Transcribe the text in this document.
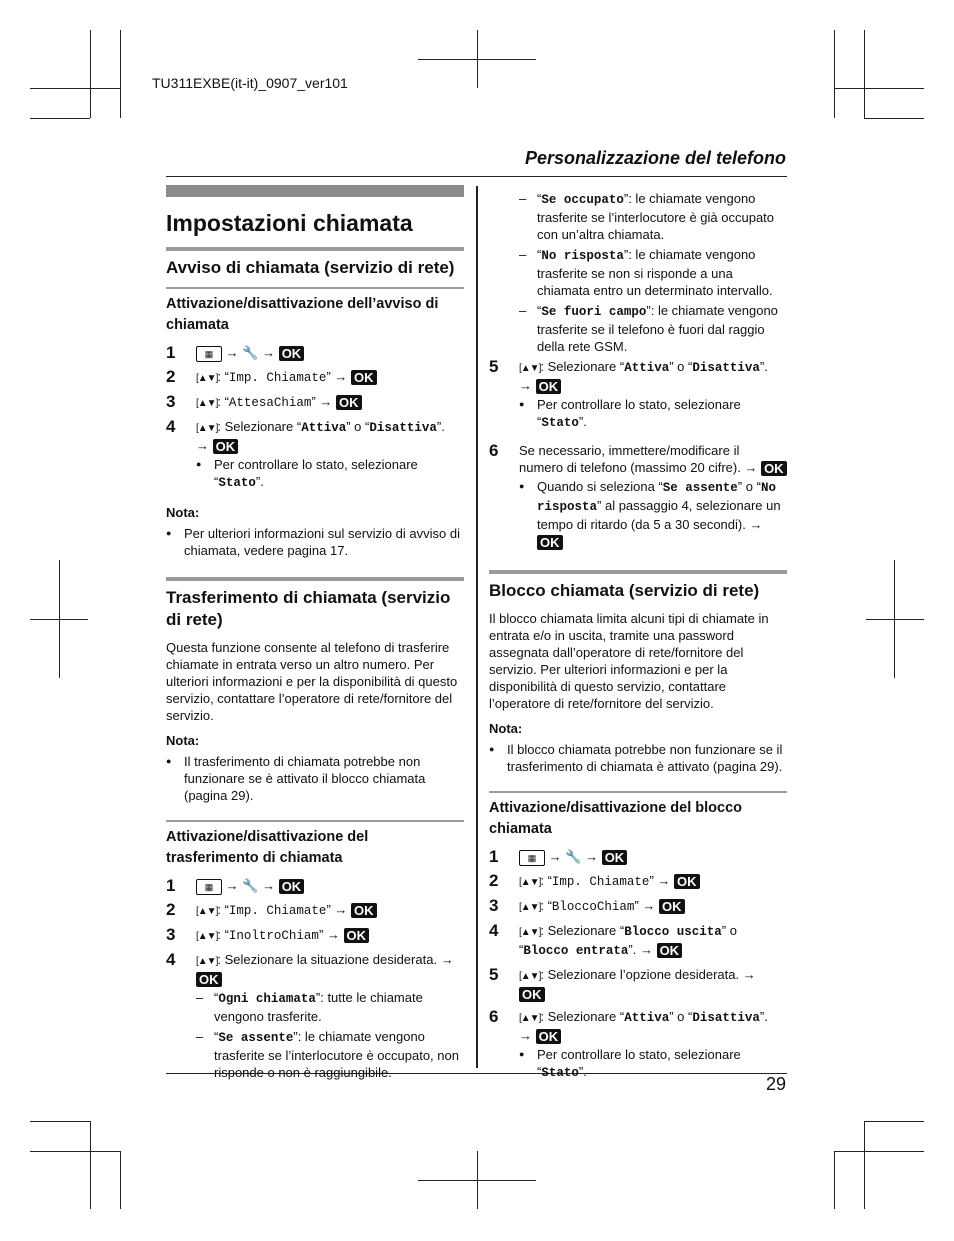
TU311EXBE(it-it)_0907_ver101
Personalizzazione del telefono
29
Impostazioni chiamata
Avviso di chiamata (servizio di rete)
Attivazione/disattivazione dell’avviso di chiamata
1	▦ → 🔧 → OK
2	[▲▼]: “Imp. Chiamate” → OK
3	[▲▼]: “AttesaChiam” → OK
4	[▲▼]: Selezionare “Attiva” o “Disattiva”.
→ OK
● Per controllare lo stato, selezionare “Stato”.
Nota:
● Per ulteriori informazioni sul servizio di avviso di chiamata, vedere pagina 17.
Trasferimento di chiamata (servizio di rete)

Questa funzione consente al telefono di trasferire chiamate in entrata verso un altro numero. Per ulteriori informazioni e per la disponibilità di questo servizio, contattare l’operatore di rete/fornitore del servizio.

Nota:
● Il trasferimento di chiamata potrebbe non funzionare se è attivato il blocco chiamata (pagina 29).
Attivazione/disattivazione del trasferimento di chiamata
1	▦ → 🔧 → OK
2	[▲▼]: “Imp. Chiamate” → OK
3	[▲▼]: “InoltroChiam” → OK
4	[▲▼]: Selezionare la situazione desiderata. →
OK
– “Ogni chiamata”: tutte le chiamate vengono trasferite.
– “Se assente”: le chiamate vengono trasferite se l’interlocutore è occupato, non risponde o non è raggiungibile.
– “Se occupato”: le chiamate vengono trasferite se l’interlocutore è già occupato con un’altra chiamata.
– “No risposta”: le chiamate vengono trasferite se non si risponde a una chiamata entro un determinato intervallo.
– “Se fuori campo”: le chiamate vengono trasferite se il telefono è fuori dal raggio della rete GSM.
5	[▲▼]: Selezionare “Attiva” o “Disattiva”.
→ OK
● Per controllare lo stato, selezionare “Stato”.
6	Se necessario, immettere/modificare il numero di telefono (massimo 20 cifre). → OK
● Quando si seleziona “Se assente” o “No risposta” al passaggio 4, selezionare un tempo di ritardo (da 5 a 30 secondi). → OK
Blocco chiamata (servizio di rete)

Il blocco chiamata limita alcuni tipi di chiamate in entrata e/o in uscita, tramite una password assegnata dall’operatore di rete/fornitore del servizio. Per ulteriori informazioni e per la disponibilità di questo servizio, contattare l’operatore di rete/fornitore del servizio.

Nota:
● Il blocco chiamata potrebbe non funzionare se il trasferimento di chiamata è attivato (pagina 29).
Attivazione/disattivazione del blocco chiamata
1	▦ → 🔧 → OK
2	[▲▼]: “Imp. Chiamate” → OK
3	[▲▼]: “BloccoChiam” → OK
4	[▲▼]: Selezionare “Blocco uscita” o
“Blocco entrata”. → OK
5	[▲▼]: Selezionare l’opzione desiderata. →
OK
6	[▲▼]: Selezionare “Attiva” o “Disattiva”.
→ OK
● Per controllare lo stato, selezionare “Stato”.
